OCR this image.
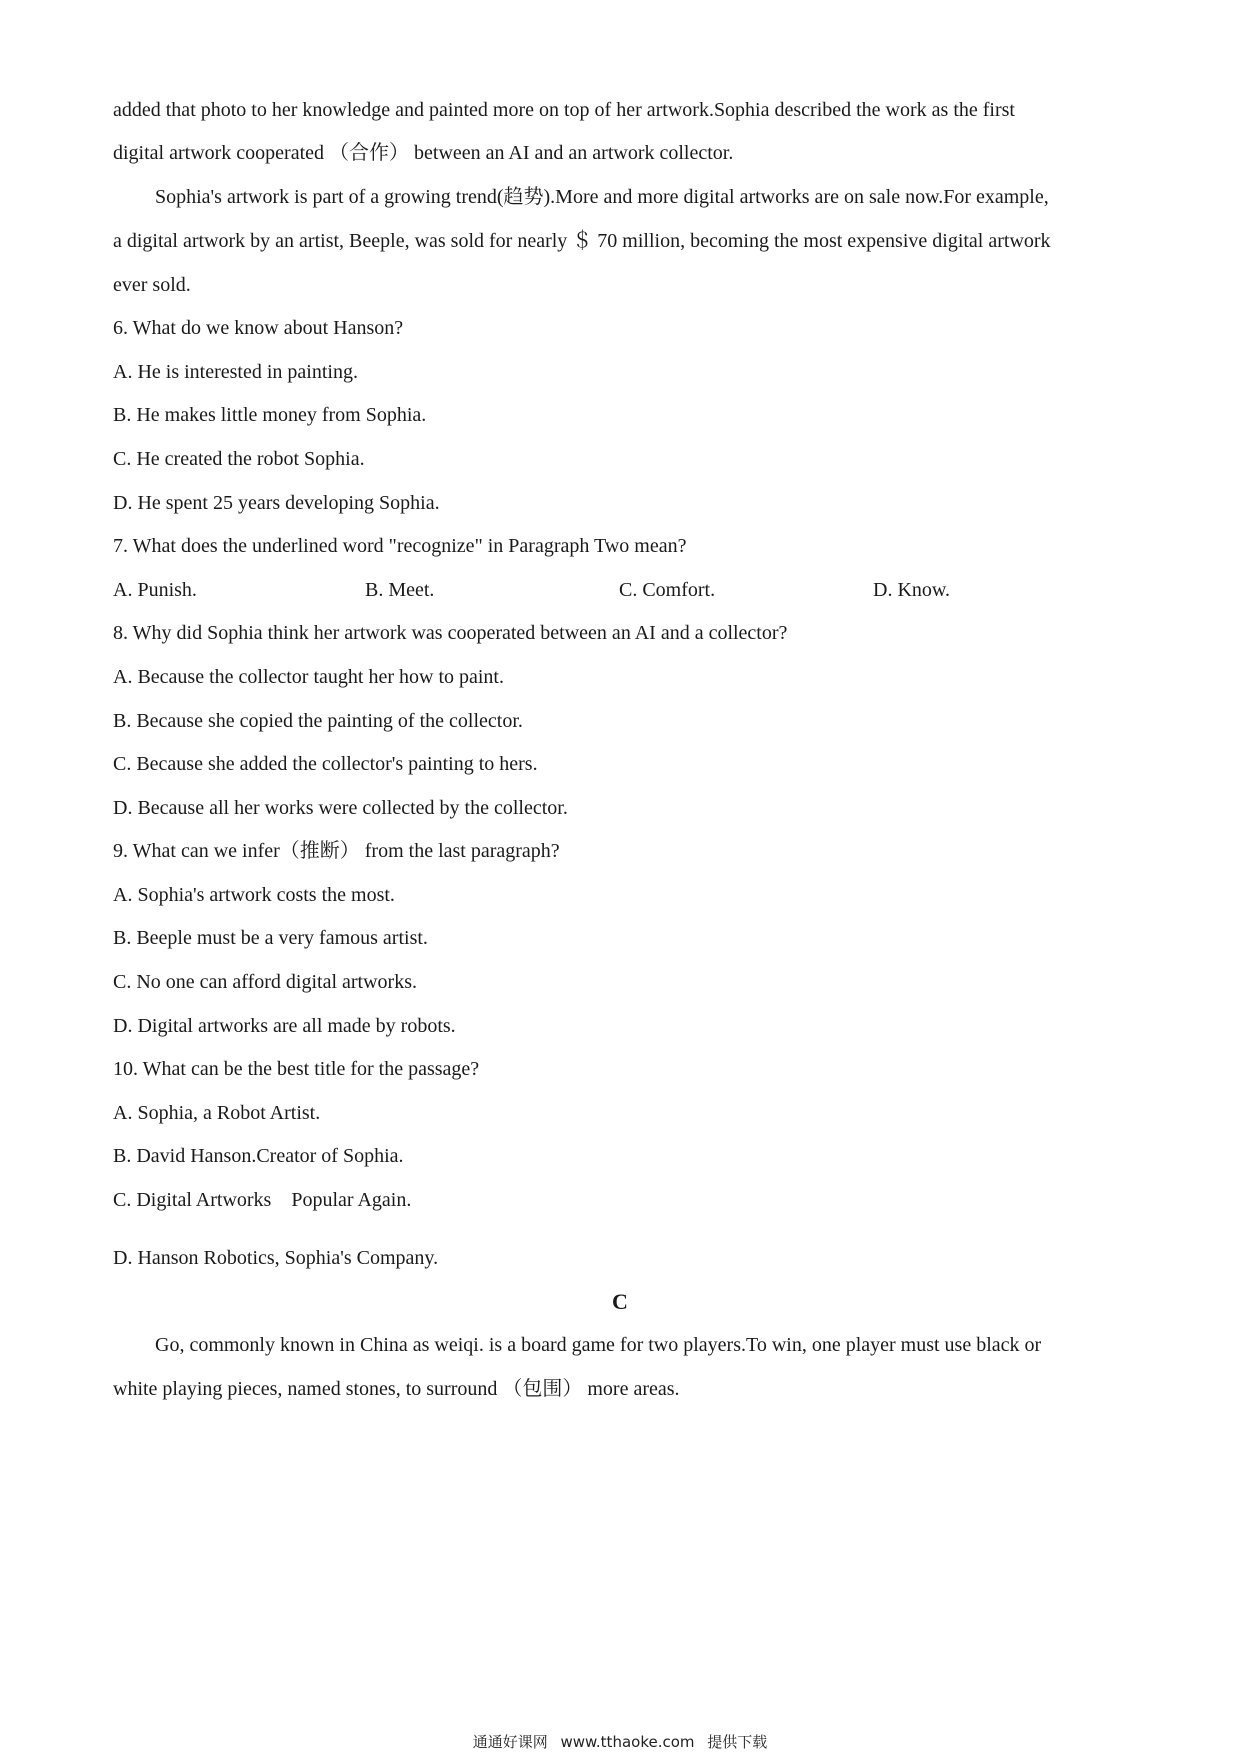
added that photo to her knowledge and painted more on top of her artwork.Sophia described the work as the first
digital artwork cooperated （合作） between an AI and an artwork collector.
Sophia's artwork is part of a growing trend(趋势).More and more digital artworks are on sale now.For example,
a digital artwork by an artist, Beeple, was sold for nearly ＄ 70 million, becoming the most expensive digital artwork
ever sold.
6. What do we know about Hanson?
A. He is interested in painting.
B. He makes little money from Sophia.
C. He created the robot Sophia.
D. He spent 25 years developing Sophia.
7. What does the underlined word "recognize" in Paragraph Two mean?
A. Punish.	B. Meet.	C. Comfort.	D. Know.
8. Why did Sophia think her artwork was cooperated between an AI and a collector?
A. Because the collector taught her how to paint.
B. Because she copied the painting of the collector.
C. Because she added the collector's painting to hers.
D. Because all her works were collected by the collector.
9. What can we infer（推断） from the last paragraph?
A. Sophia's artwork costs the most.
B. Beeple must be a very famous artist.
C. No one can afford digital artworks.
D. Digital artworks are all made by robots.
10. What can be the best title for the passage?
A. Sophia, a Robot Artist.
B. David Hanson.Creator of Sophia.
C. Digital Artworks　Popular Again.
D. Hanson Robotics, Sophia's Company.
C
Go, commonly known in China as weiqi. is a board game for two players.To win, one player must use black or
white playing pieces, named stones, to surround （包围） more areas.
通通好课网 www.tthaoke.com 提供下载
